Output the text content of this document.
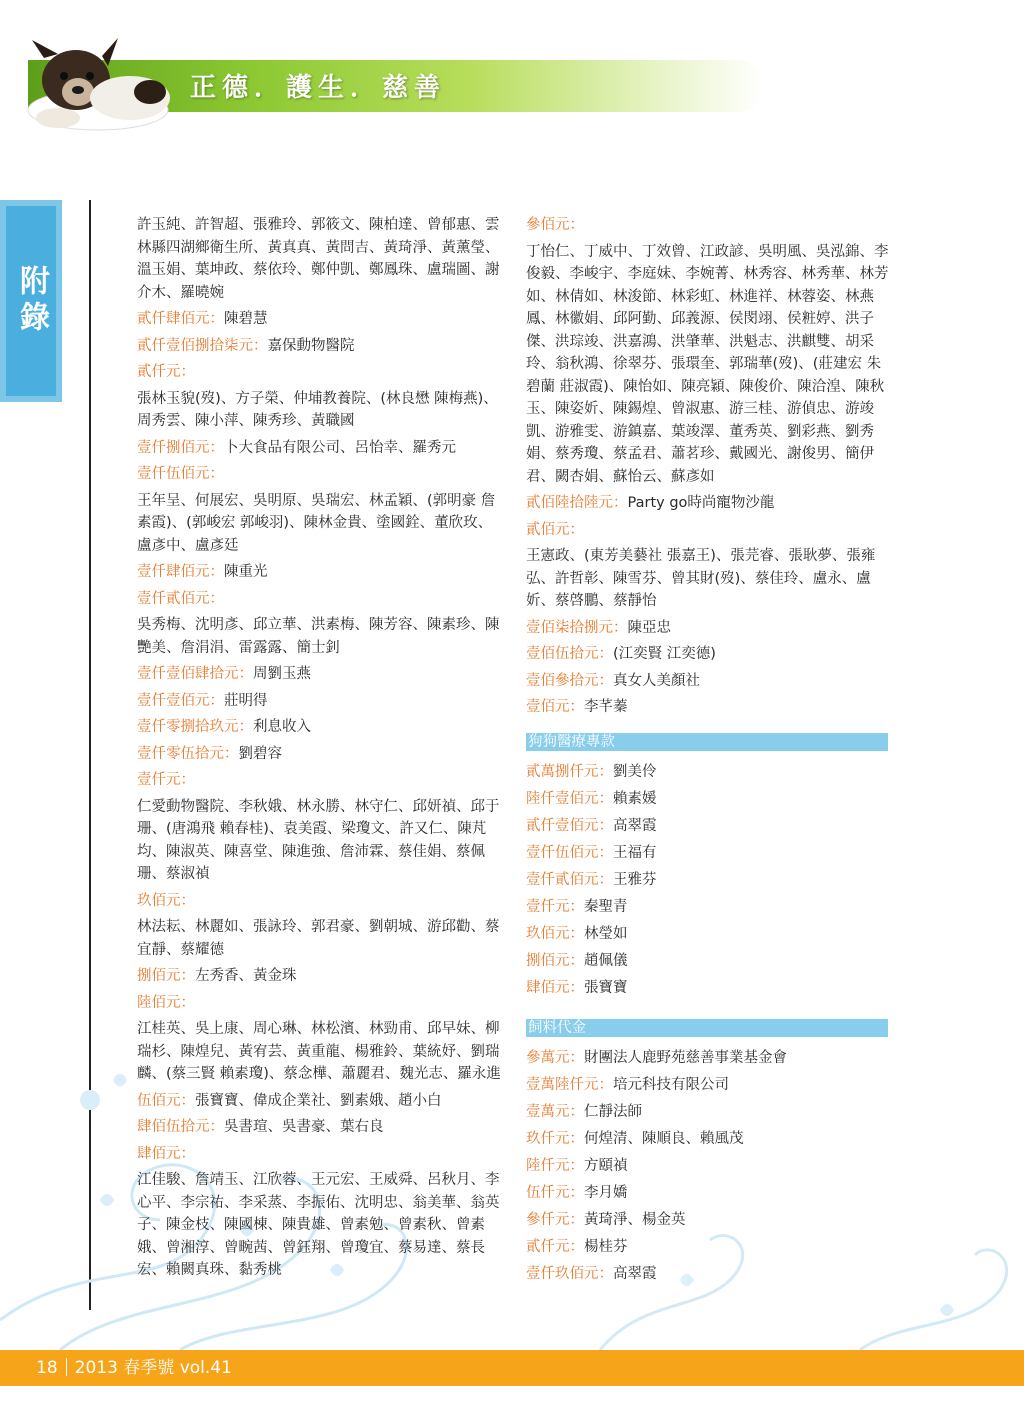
正德．護生．慈善
附錄
許玉純、許智超、張雅玲、郭筱文、陳柏達、曾郁惠、雲林縣四湖鄉衛生所、黃真真、黃問吉、黃琦淨、黃薰瑩、溫玉娟、葉坤政、蔡依玲、鄭仲凱、鄭鳳珠、盧瑞圖、謝介木、羅曉婉
貳仟肆佰元：陳碧慧
貳仟壹佰捌拾柒元：嘉保動物醫院
貳仟元：
張林玉貌(歿)、方子榮、仲埔教養院、(林良懋 陳梅燕)、周秀雲、陳小萍、陳秀珍、黃職國
壹仟捌佰元：卜大食品有限公司、呂怡幸、羅秀元
壹仟伍佰元：
王年呈、何展宏、吳明原、吳瑞宏、林孟穎、(郭明豪 詹素霞)、(郭峻宏 郭峻羽)、陳林金貴、塗國銓、董欣玫、盧彥中、盧彥廷
壹仟肆佰元：陳重光
壹仟貳佰元：
吳秀梅、沈明彥、邱立華、洪素梅、陳芳容、陳素珍、陳艷美、詹涓涓、雷露露、簡士釗
壹仟壹佰肆拾元：周劉玉燕
壹仟壹佰元：莊明得
壹仟零捌拾玖元：利息收入
壹仟零伍拾元：劉碧容
壹仟元：
仁愛動物醫院、李秋娥、林永勝、林守仁、邱妍禎、邱于珊、(唐鴻飛 賴春桂)、袁美霞、梁瓊文、許又仁、陳芃均、陳淑英、陳喜堂、陳進強、詹沛霖、蔡佳娟、蔡佩珊、蔡淑禎
玖佰元：
林法耘、林麗如、張詠玲、郭君豪、劉朝城、游邱勸、蔡宜靜、蔡耀德
捌佰元：左秀香、黃金珠
陸佰元：
江桂英、吳上康、周心琳、林松濱、林勁甫、邱早妹、柳瑞杉、陳煌兒、黃宥芸、黃重龍、楊雅鈴、葉統妤、劉瑞麟、(蔡三賢 賴素瓊)、蔡念樺、蕭麗君、魏光志、羅永進
伍佰元：張寶寶、偉成企業社、劉素娥、趙小白
肆佰伍拾元：吳書瑄、吳書豪、葉右良
肆佰元：
江佳駿、詹靖玉、江欣蓉、王元宏、王威舜、呂秋月、李心平、李宗祐、李采蒸、李振佑、沈明忠、翁美華、翁英子、陳金枝、陳國棟、陳貴雄、曾素勉、曾素秋、曾素娥、曾湘淳、曾畹茜、曾鈺翔、曾瓊宜、蔡易達、蔡長宏、賴闕真珠、黏秀桃
參佰元：
丁怡仁、丁威中、丁效曾、江政諺、吳明風、吳泓錦、李俊毅、李峻宇、李庭妹、李婉菁、林秀容、林秀華、林芳如、林倩如、林浚節、林彩虹、林進祥、林蓉姿、林燕鳳、林徽娟、邱阿勤、邱義源、侯閔翊、侯粧婷、洪子傑、洪琮竣、洪嘉鴻、洪肇華、洪魁志、洪麒雙、胡采玲、翁秋鴻、徐翠芬、張環奎、郭瑞華(歿)、(莊建宏 朱碧蘭 莊淑霞)、陳怡如、陳亮穎、陳俊价、陳洽湟、陳秋玉、陳姿妡、陳錫煌、曾淑惠、游三桂、游偵忠、游竣凱、游雅雯、游鎮嘉、葉竣澤、董秀英、劉彩燕、劉秀娟、蔡秀瓊、蔡孟君、蕭茗珍、戴國光、謝俊男、簡伊君、闕杏娟、蘇怡云、蘇彥如
貳佰陸拾陸元：Party go時尚寵物沙龍
貳佰元：
王憲政、(東芳美藝社 張嘉王)、張芫睿、張耿夢、張雍弘、許哲彰、陳雪芬、曾其財(歿)、蔡佳玲、盧永、盧妡、蔡啓鵬、蔡靜怡
壹佰柒拾捌元：陳亞忠
壹佰伍拾元：(江奕賢 江奕德)
壹佰參拾元：真女人美顏社
壹佰元：李芊蓁
狗狗醫療專款
貳萬捌仟元：劉美伶
陸仟壹佰元：賴素媛
貳仟壹佰元：高翠霞
壹仟伍佰元：王福有
壹仟貳佰元：王雅芬
壹仟元：秦聖青
玖佰元：林瑩如
捌佰元：趙佩儀
肆佰元：張寶寶
飼料代金
參萬元：財團法人鹿野苑慈善事業基金會
壹萬陸仟元：培元科技有限公司
壹萬元：仁靜法師
玖仟元：何煌清、陳順良、賴風茂
陸仟元：方頤禎
伍仟元：李月嬌
參仟元：黃琦淨、楊金英
貳仟元：楊桂芬
壹仟玖佰元：高翠霞
18 2013 春季號 vol.41
